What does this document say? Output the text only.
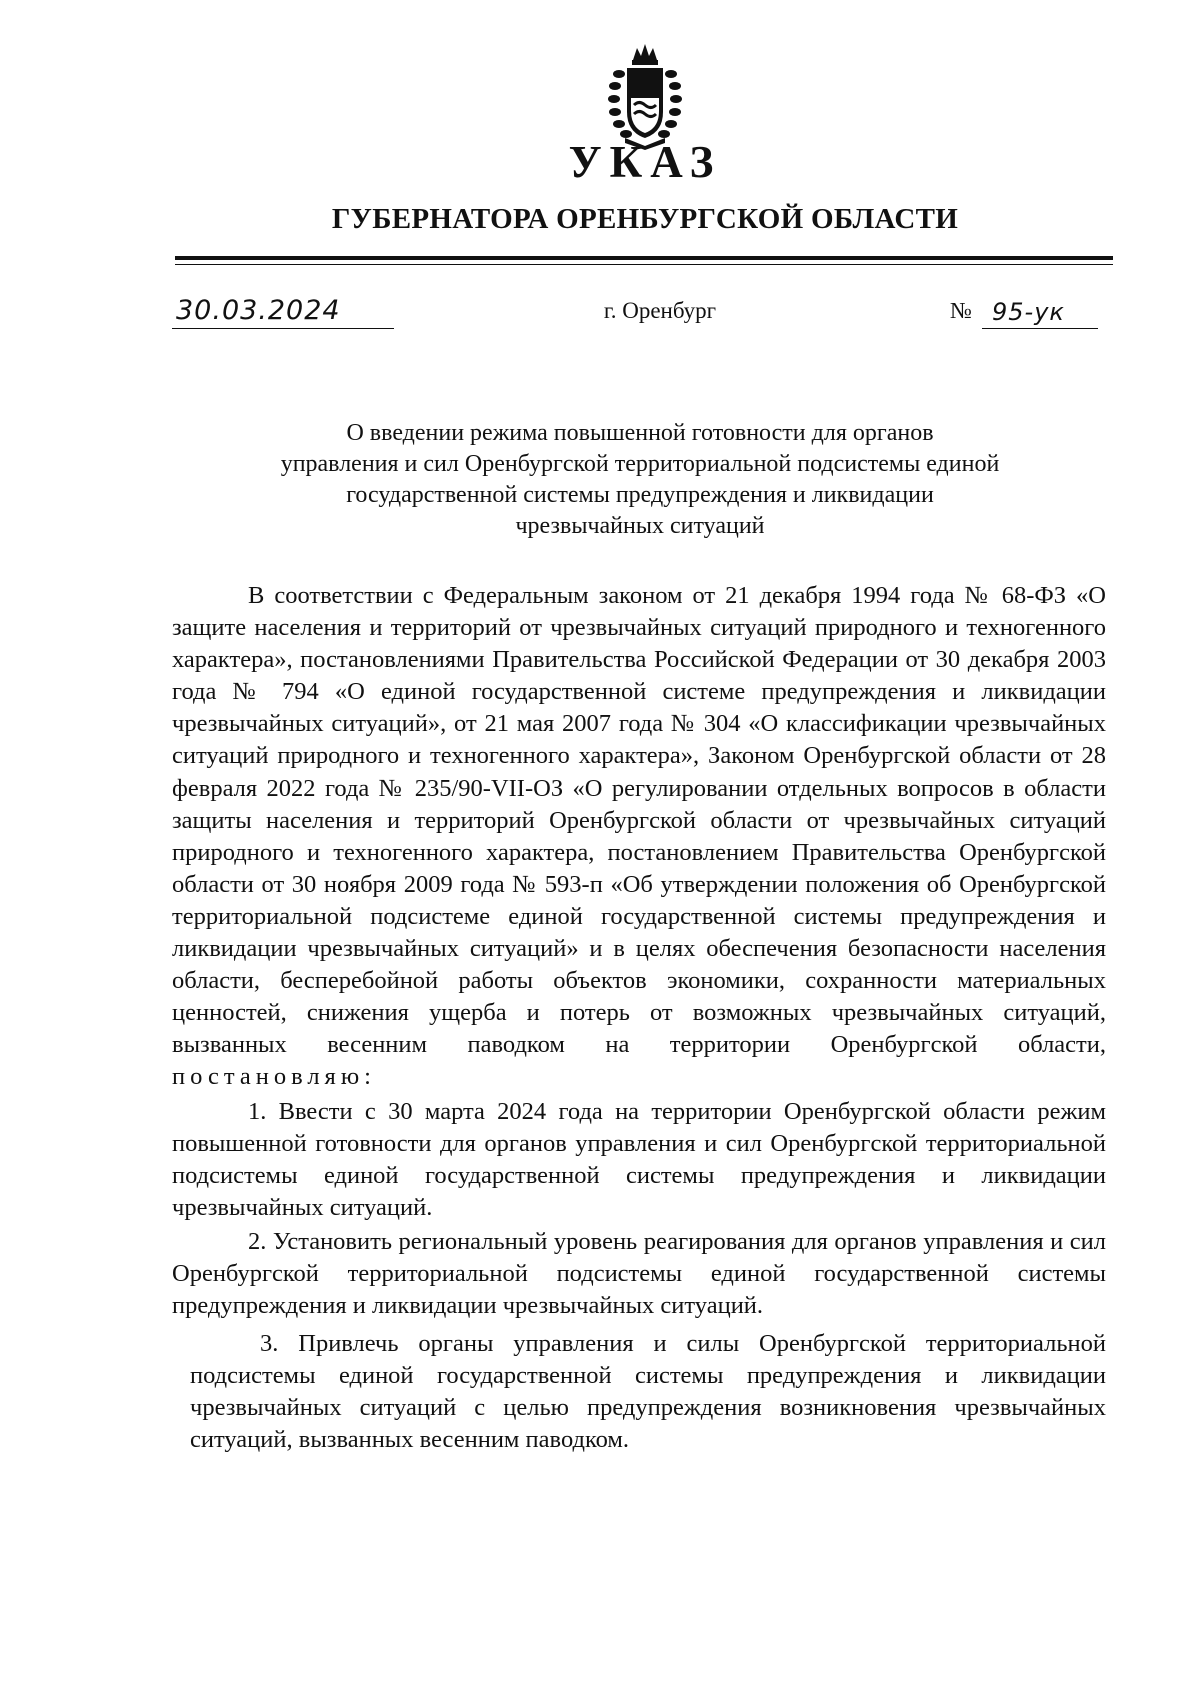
УКАЗ
ГУБЕРНАТОРА ОРЕНБУРГСКОЙ ОБЛАСТИ
30.03.2024	г. Оренбург	№ 95-ук
О введении режима повышенной готовности для органов
управления и сил Оренбургской территориальной подсистемы единой
государственной системы предупреждения и ликвидации
чрезвычайных ситуаций

В соответствии с Федеральным законом от 21 декабря 1994 года № 68-ФЗ «О защите населения и территорий от чрезвычайных ситуаций природного и техногенного характера», постановлениями Правительства Российской Федерации от 30 декабря 2003 года № 794 «О единой государственной системе предупреждения и ликвидации чрезвычайных ситуаций», от 21 мая 2007 года № 304 «О классификации чрезвычайных ситуаций природного и техногенного характера», Законом Оренбургской области от 28 февраля 2022 года № 235/90-VII-ОЗ «О регулировании отдельных вопросов в области защиты населения и территорий Оренбургской области от чрезвычайных ситуаций природного и техногенного характера, постановлением Правительства Оренбургской области от 30 ноября 2009 года № 593-п «Об утверждении положения об Оренбургской территориальной подсистеме единой государственной системы предупреждения и ликвидации чрезвычайных ситуаций» и в целях обеспечения безопасности населения области, бесперебойной работы объектов экономики, сохранности материальных ценностей, снижения ущерба и потерь от возможных чрезвычайных ситуаций, вызванных весенним паводком на территории Оренбургской области, постановляю:

1. Ввести с 30 марта 2024 года на территории Оренбургской области режим повышенной готовности для органов управления и сил Оренбургской территориальной подсистемы единой государственной системы предупреждения и ликвидации чрезвычайных ситуаций.

2. Установить региональный уровень реагирования для органов управления и сил Оренбургской территориальной подсистемы единой государственной системы предупреждения и ликвидации чрезвычайных ситуаций.

3. Привлечь органы управления и силы Оренбургской территориальной подсистемы единой государственной системы предупреждения и ликвидации чрезвычайных ситуаций с целью предупреждения возникновения чрезвычайных ситуаций, вызванных весенним паводком.
